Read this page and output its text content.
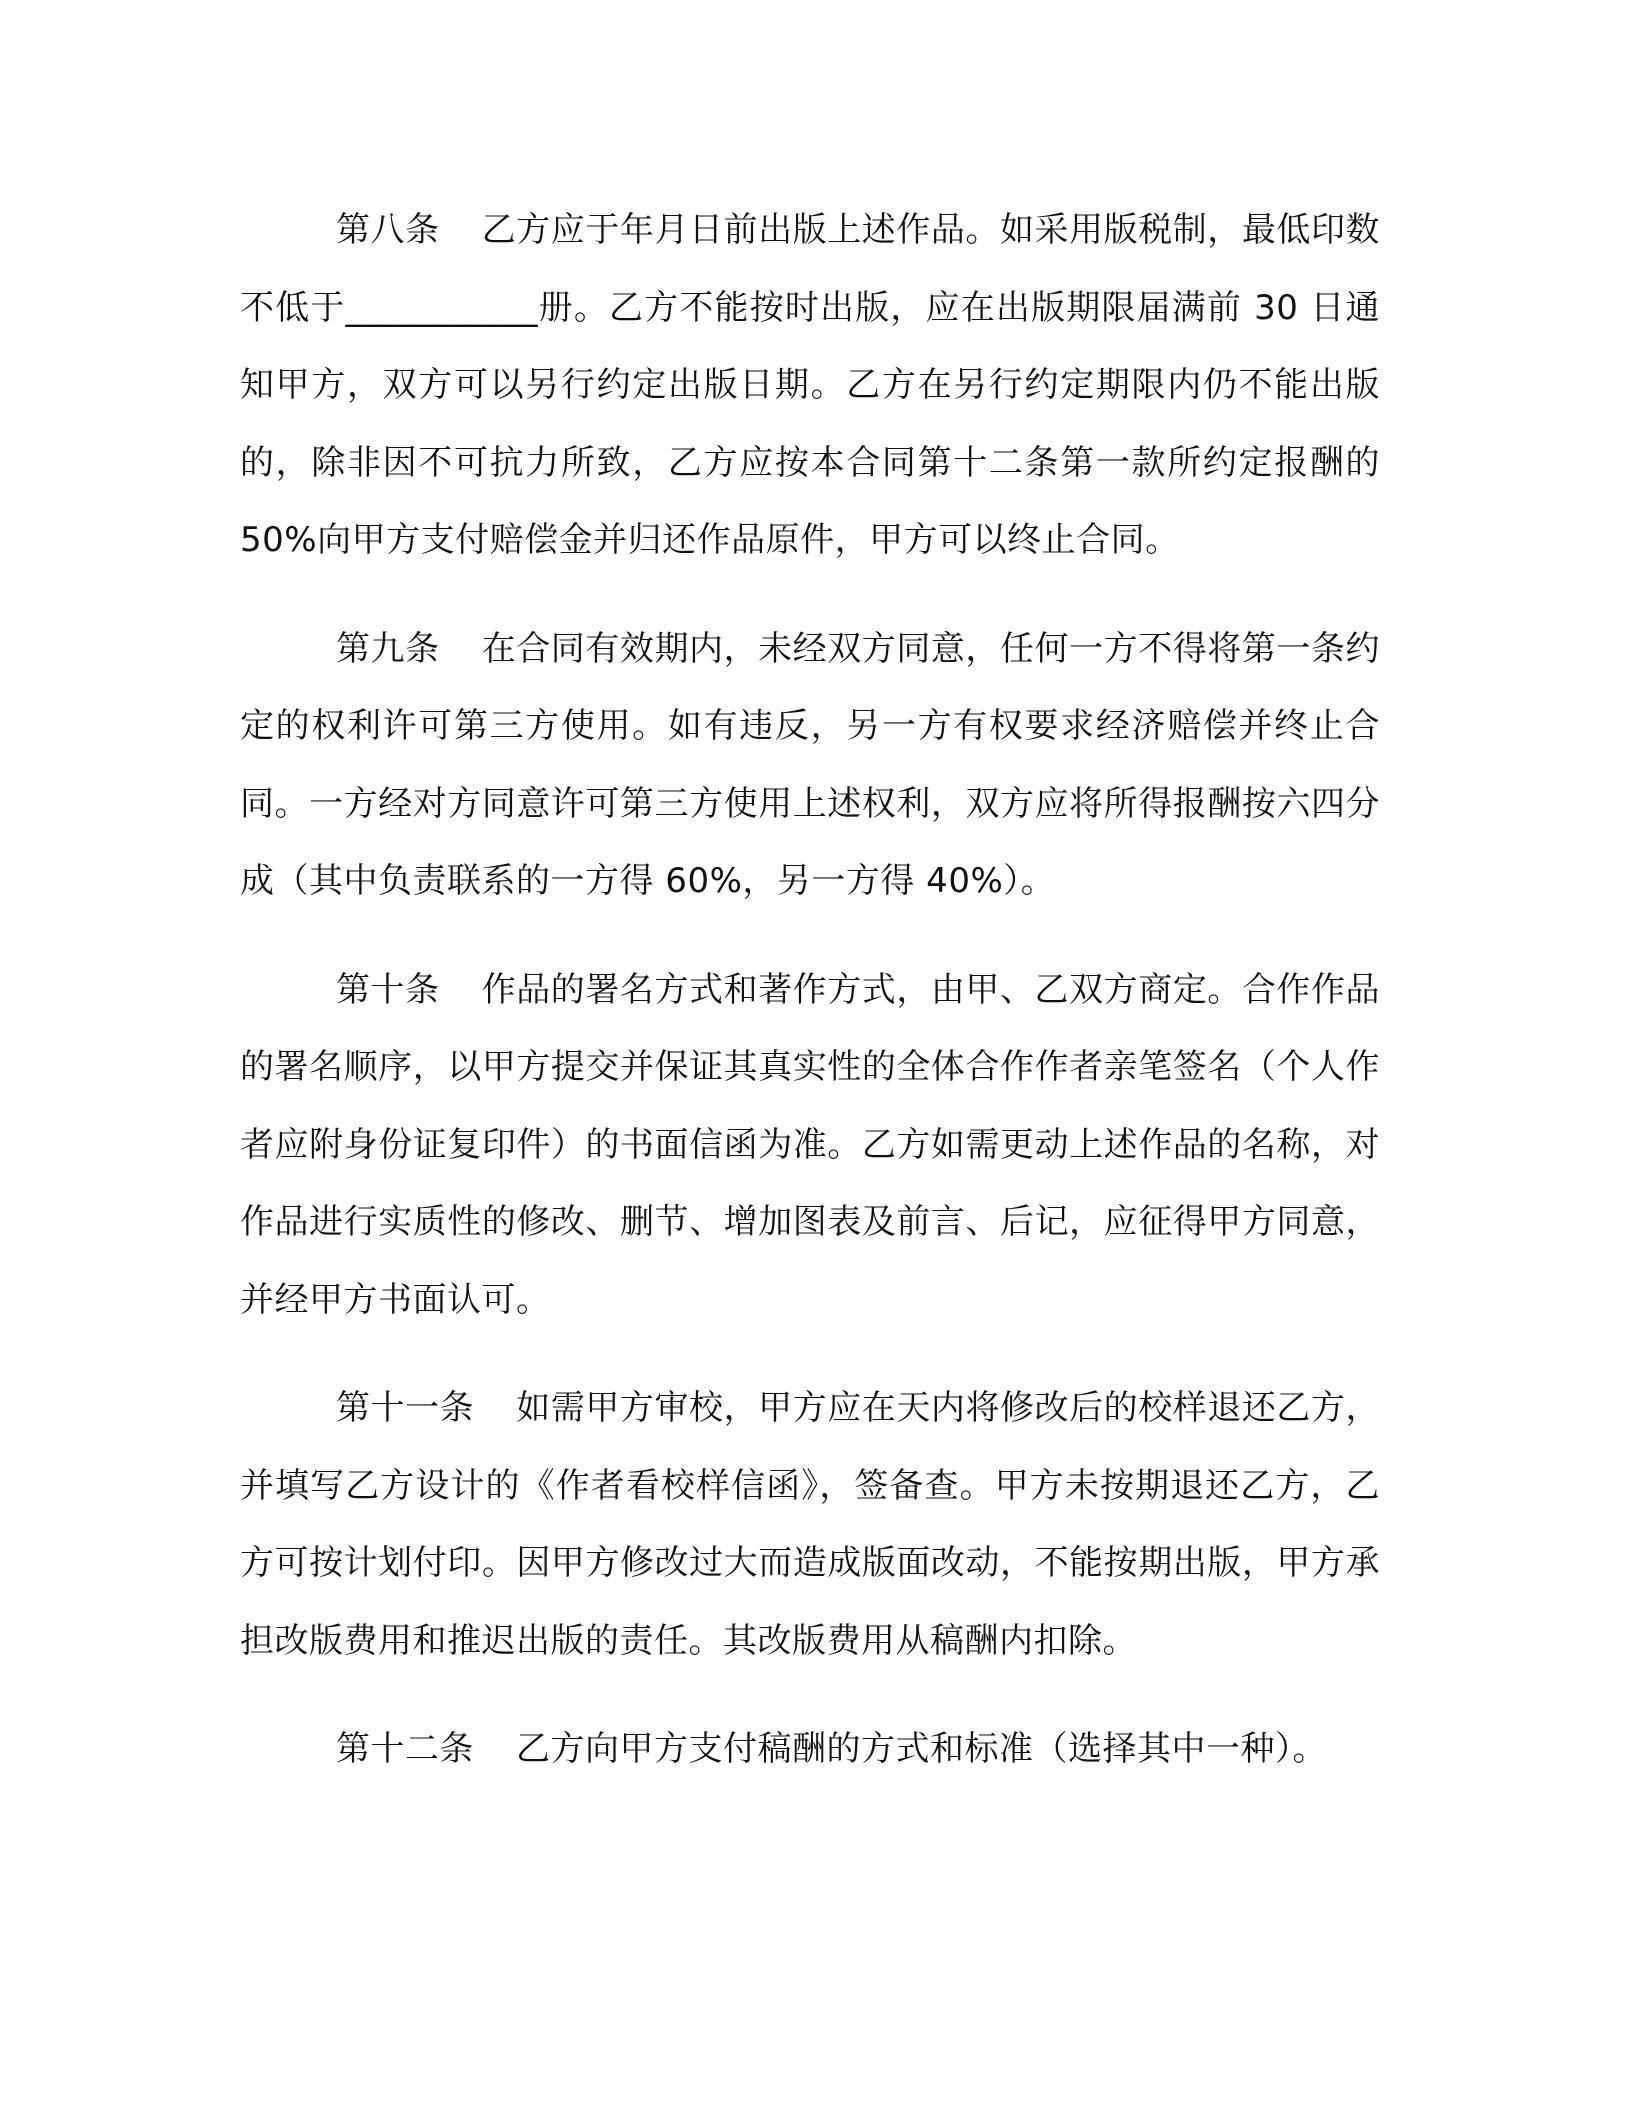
第八条 乙方应于年月日前出版上述作品。如采用版税制，最低印数不低于___________册。乙方不能按时出版，应在出版期限届满前 30 日通知甲方，双方可以另行约定出版日期。乙方在另行约定期限内仍不能出版的，除非因不可抗力所致，乙方应按本合同第十二条第一款所约定报酬的 50%向甲方支付赔偿金并归还作品原件，甲方可以终止合同。

第九条 在合同有效期内，未经双方同意，任何一方不得将第一条约定的权利许可第三方使用。如有违反，另一方有权要求经济赔偿并终止合同。一方经对方同意许可第三方使用上述权利，双方应将所得报酬按六四分成（其中负责联系的一方得 60%，另一方得 40%）。

第十条 作品的署名方式和著作方式，由甲、乙双方商定。合作作品的署名顺序，以甲方提交并保证其真实性的全体合作作者亲笔签名（个人作者应附身份证复印件）的书面信函为准。乙方如需更动上述作品的名称，对作品进行实质性的修改、删节、增加图表及前言、后记，应征得甲方同意，并经甲方书面认可。

第十一条 如需甲方审校，甲方应在天内将修改后的校样退还乙方，并填写乙方设计的《作者看校样信函》，签备查。甲方未按期退还乙方，乙方可按计划付印。因甲方修改过大而造成版面改动，不能按期出版，甲方承担改版费用和推迟出版的责任。其改版费用从稿酬内扣除。

第十二条 乙方向甲方支付稿酬的方式和标准（选择其中一种）。
